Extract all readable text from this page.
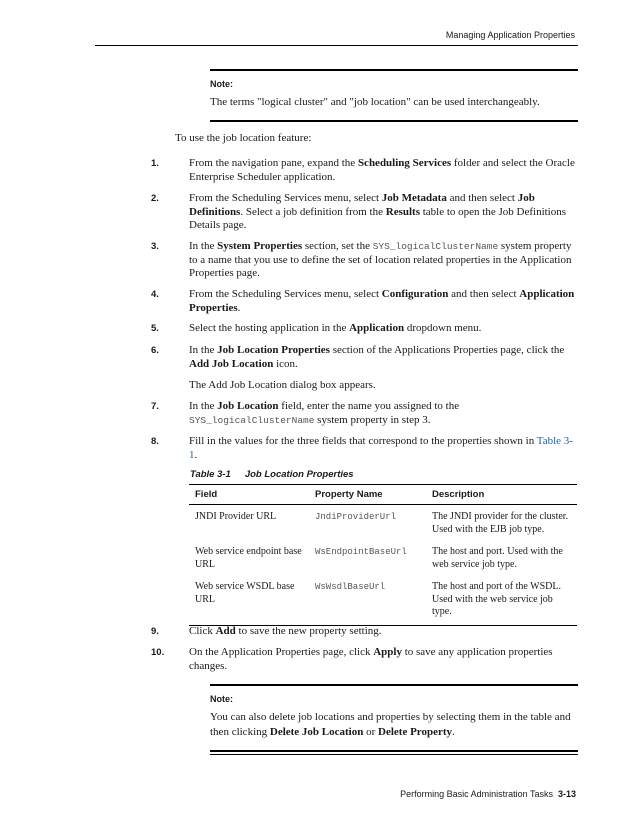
Managing Application Properties
Note:
The terms "logical cluster" and "job location" can be used interchangeably.
To use the job location feature:
1.	From the navigation pane, expand the Scheduling Services folder and select the Oracle Enterprise Scheduler application.
2.	From the Scheduling Services menu, select Job Metadata and then select Job Definitions. Select a job definition from the Results table to open the Job Definitions Details page.
3.	In the System Properties section, set the SYS_logicalClusterName system property to a name that you use to define the set of location related properties in the Application Properties page.
4.	From the Scheduling Services menu, select Configuration and then select Application Properties.
5.	Select the hosting application in the Application dropdown menu.
6.	In the Job Location Properties section of the Applications Properties page, click the Add Job Location icon.
The Add Job Location dialog box appears.
7.	In the Job Location field, enter the name you assigned to the SYS_logicalClusterName system property in step 3.
8.	Fill in the values for the three fields that correspond to the properties shown in Table 3-1.
Table 3-1 Job Location Properties
Field	Property Name	Description
JNDI Provider URL	JndiProviderUrl	The JNDI provider for the cluster. Used with the EJB job type.
Web service endpoint base URL	WsEndpointBaseUrl	The host and port. Used with the web service job type.
Web service WSDL base URL	WsWsdlBaseUrl	The host and port of the WSDL. Used with the web service job type.
9.	Click Add to save the new property setting.
10.	On the Application Properties page, click Apply to save any application properties changes.
Note:
You can also delete job locations and properties by selecting them in the table and then clicking Delete Job Location or Delete Property.
Performing Basic Administration Tasks 3-13
